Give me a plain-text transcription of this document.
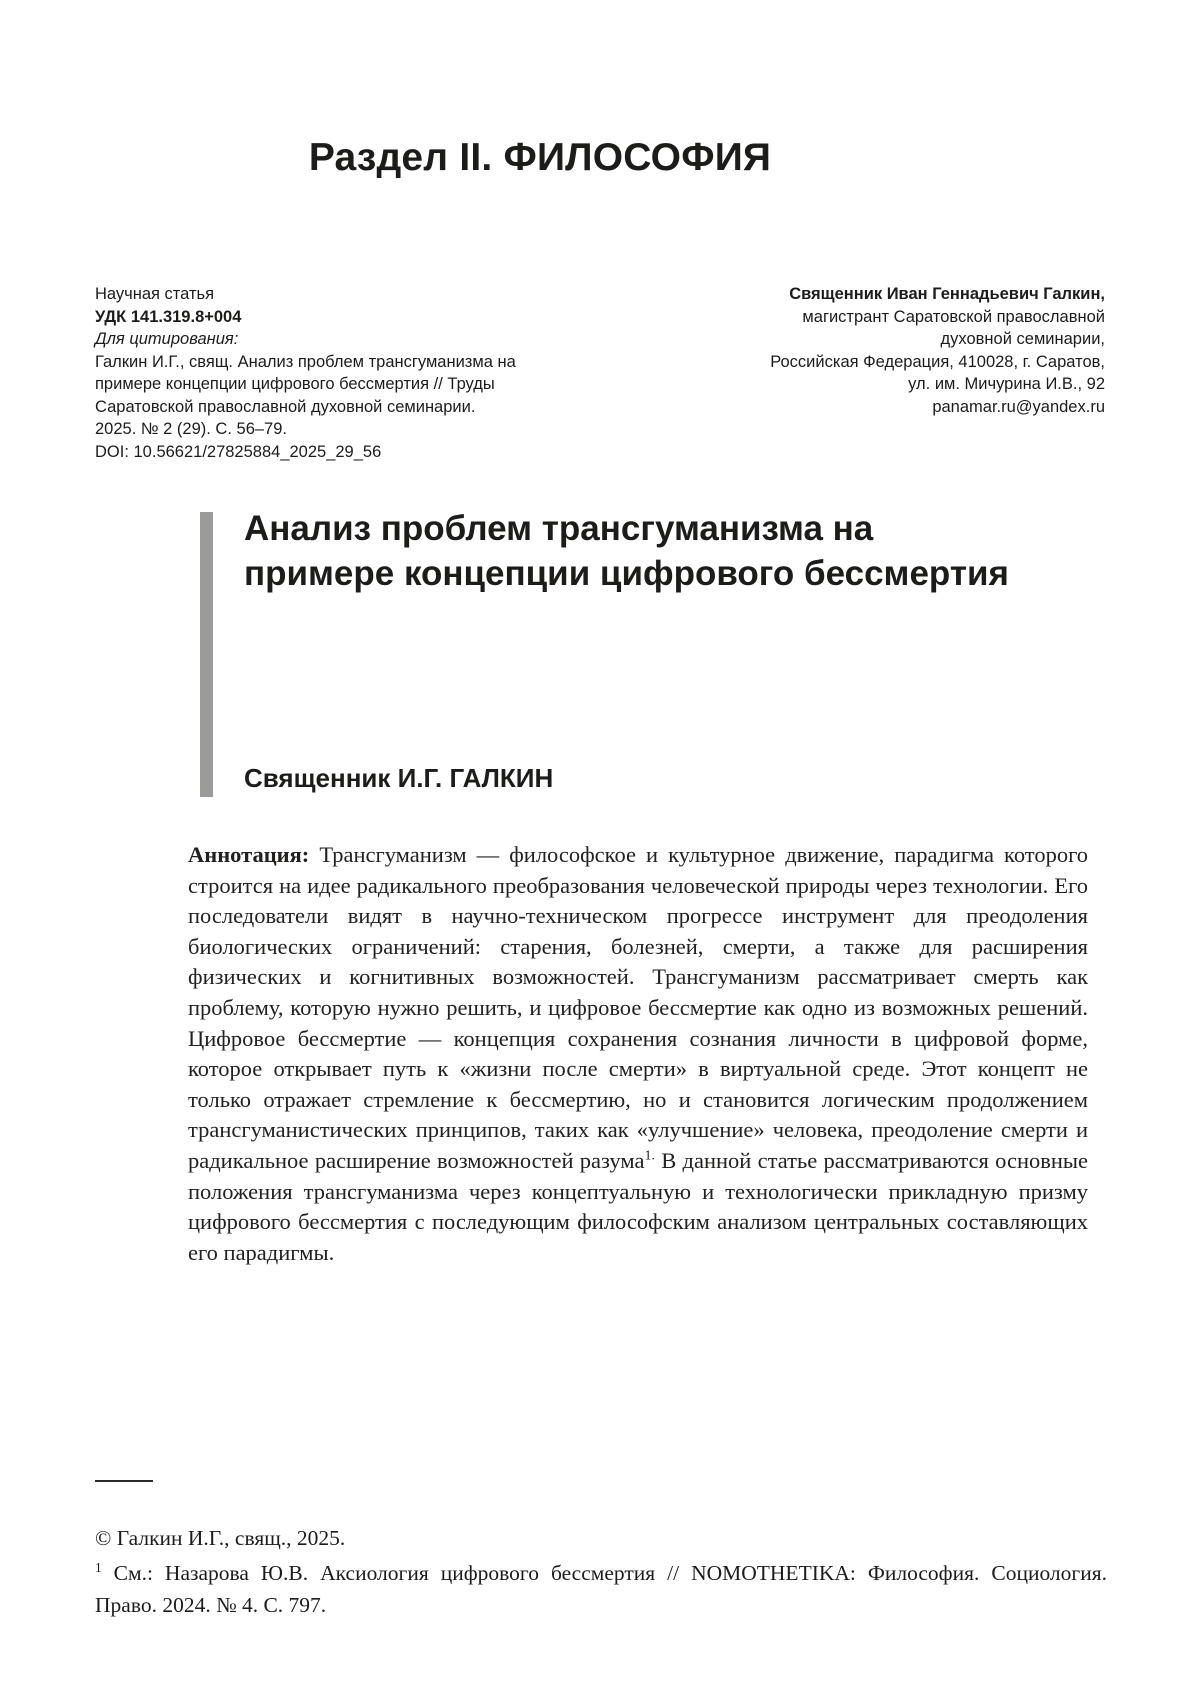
Раздел II. ФИЛОСОФИЯ
Научная статья
УДК 141.319.8+004
Для цитирования:
Галкин И.Г., свящ. Анализ проблем трансгуманизма на примере концепции цифрового бессмертия // Труды Саратовской православной духовной семинарии. 2025. № 2 (29). С. 56–79.
DOI: 10.56621/27825884_2025_29_56
Священник Иван Геннадьевич Галкин,
магистрант Саратовской православной
духовной семинарии,
Российская Федерация, 410028, г. Саратов,
ул. им. Мичурина И.В., 92
panamar.ru@yandex.ru
Анализ проблем трансгуманизма на примере концепции цифрового бессмертия
Священник И.Г. ГАЛКИН

Аннотация: Трансгуманизм — философское и культурное движение, парадигма которого строится на идее радикального преобразования человеческой природы через технологии. Его последователи видят в научно-техническом прогрессе инструмент для преодоления биологических ограничений: старения, болезней, смерти, а также для расширения физических и когнитивных возможностей. Трансгуманизм рассматривает смерть как проблему, которую нужно решить, и цифровое бессмертие как одно из возможных решений. Цифровое бессмертие — концепция сохранения сознания личности в цифровой форме, которое открывает путь к «жизни после смерти» в виртуальной среде. Этот концепт не только отражает стремление к бессмертию, но и становится логическим продолжением трансгуманистических принципов, таких как «улучшение» человека, преодоление смерти и радикальное расширение возможностей разума$^{1.}$ В данной статье рассматриваются основные положения трансгуманизма через концептуальную и технологически прикладную призму цифрового бессмертия с последующим философским анализом центральных составляющих его парадигмы.

© Галкин И.Г., свящ., 2025.
$^1$ См.: Назарова Ю.В. Аксиология цифрового бессмертия // NOMOTHETIKA: Философия. Социология. Право. 2024. № 4. С. 797.
